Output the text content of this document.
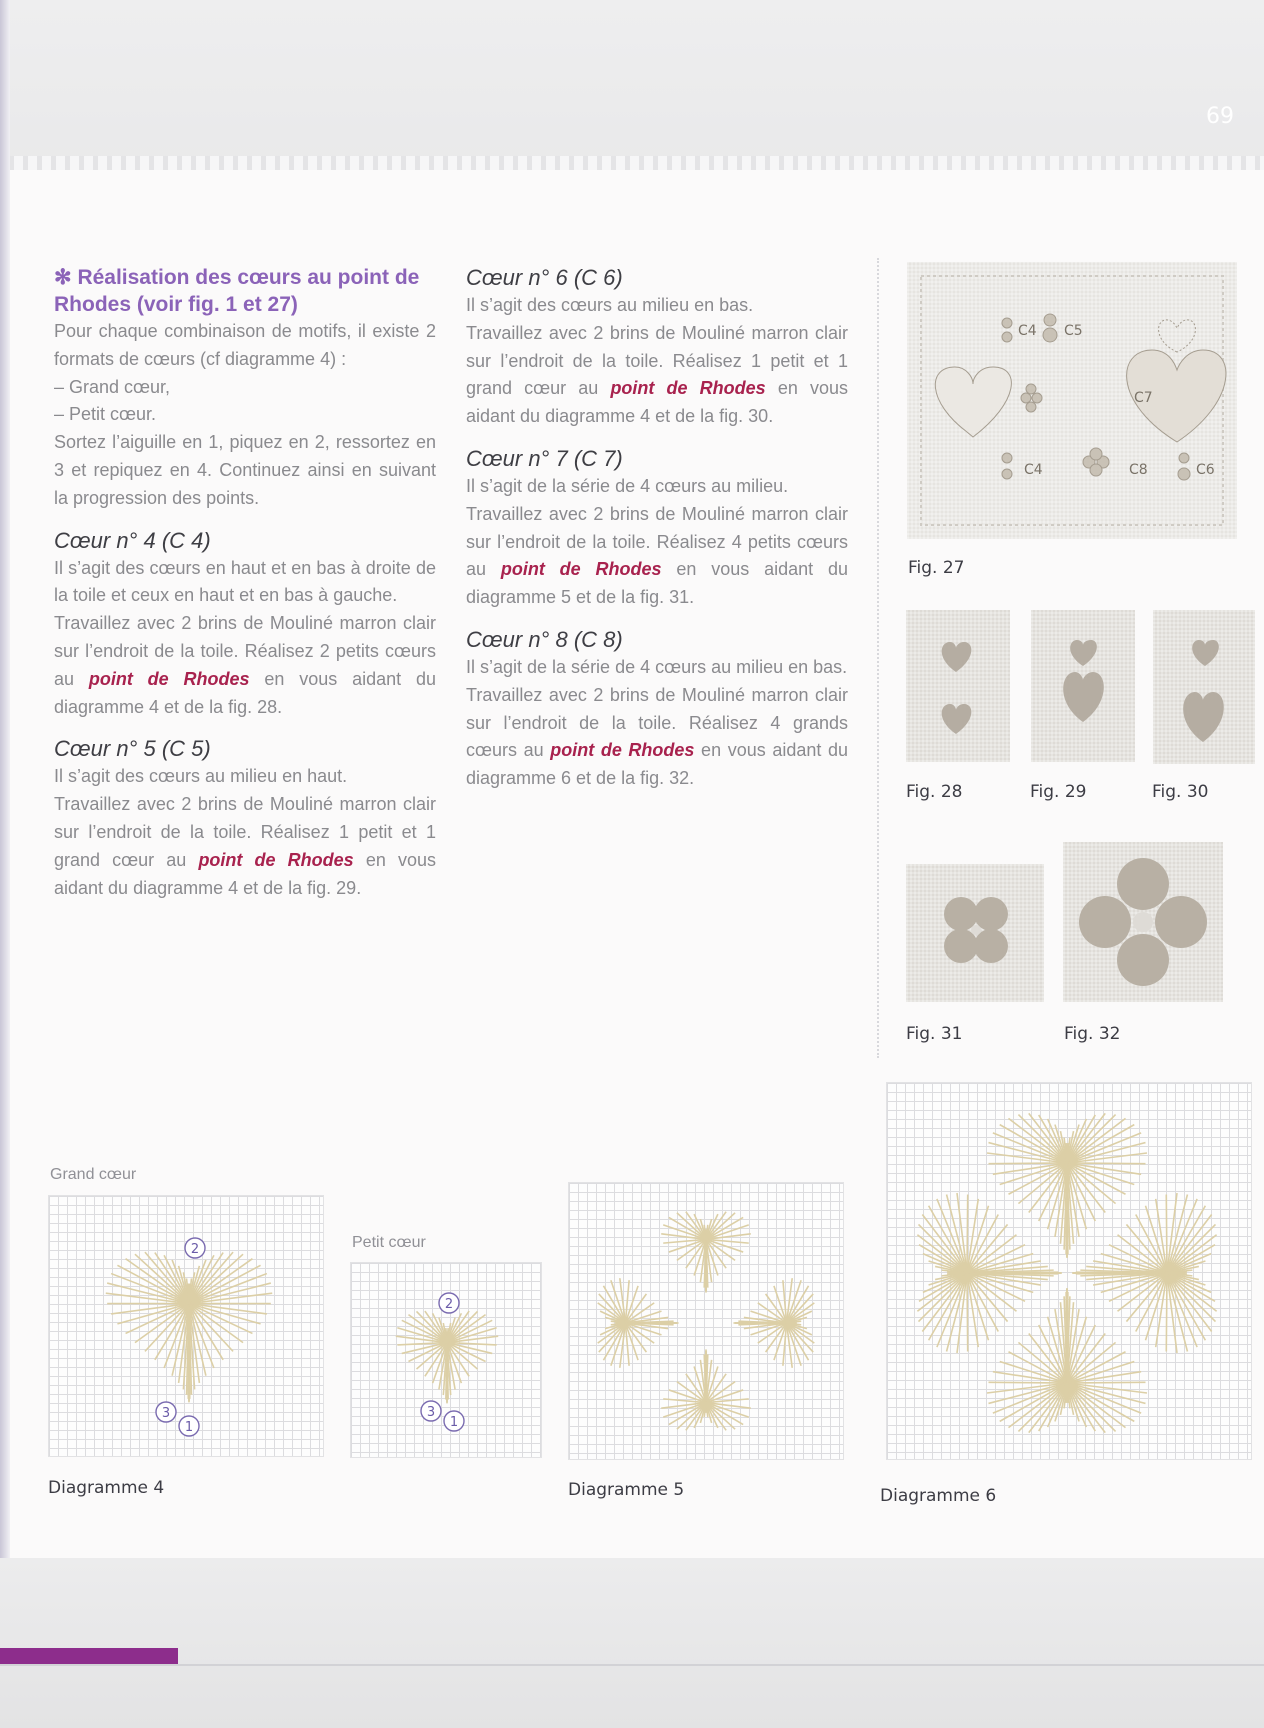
69

✻ Réalisation des cœurs au point de Rhodes (voir fig. 1 et 27)

Pour chaque combinaison de motifs, il existe 2 formats de cœurs (cf diagramme 4) :

– Grand cœur,

– Petit cœur.

Sortez l’aiguille en 1, piquez en 2, ressortez en 3 et repiquez en 4. Continuez ainsi en suivant la progression des points.

Cœur n° 4 (C 4)

Il s’agit des cœurs en haut et en bas à droite de la toile et ceux en haut et en bas à gauche.

Travaillez avec 2 brins de Mouliné marron clair sur l’endroit de la toile. Réalisez 2 petits cœurs au point de Rhodes en vous aidant du diagramme 4 et de la fig. 28.

Cœur n° 5 (C 5)

Il s’agit des cœurs au milieu en haut.

Travaillez avec 2 brins de Mouliné marron clair sur l’endroit de la toile. Réalisez 1 petit et 1 grand cœur au point de Rhodes en vous aidant du diagramme 4 et de la fig. 29.

Cœur n° 6 (C 6)

Il s’agit des cœurs au milieu en bas.

Travaillez avec 2 brins de Mouliné marron clair sur l’endroit de la toile. Réalisez 1 petit et 1 grand cœur au point de Rhodes en vous aidant du diagramme 4 et de la fig. 30.

Cœur n° 7 (C 7)

Il s’agit de la série de 4 cœurs au milieu.

Travaillez avec 2 brins de Mouliné marron clair sur l’endroit de la toile. Réalisez 4 petits cœurs au point de Rhodes en vous aidant du diagramme 5 et de la fig. 31.

Cœur n° 8 (C 8)

Il s’agit de la série de 4 cœurs au milieu en bas.

Travaillez avec 2 brins de Mouliné marron clair sur l’endroit de la toile. Réalisez 4 grands cœurs au point de Rhodes en vous aidant du diagramme 6 et de la fig. 32.

C4 C5
C7
C4	C8	C6
Fig. 27
Fig. 28	Fig. 29	Fig. 30
Fig. 31	Fig. 32
Grand cœur
2
3
1
Petit cœur
2
3
1
Diagramme 4	Diagramme 5	Diagramme 6
